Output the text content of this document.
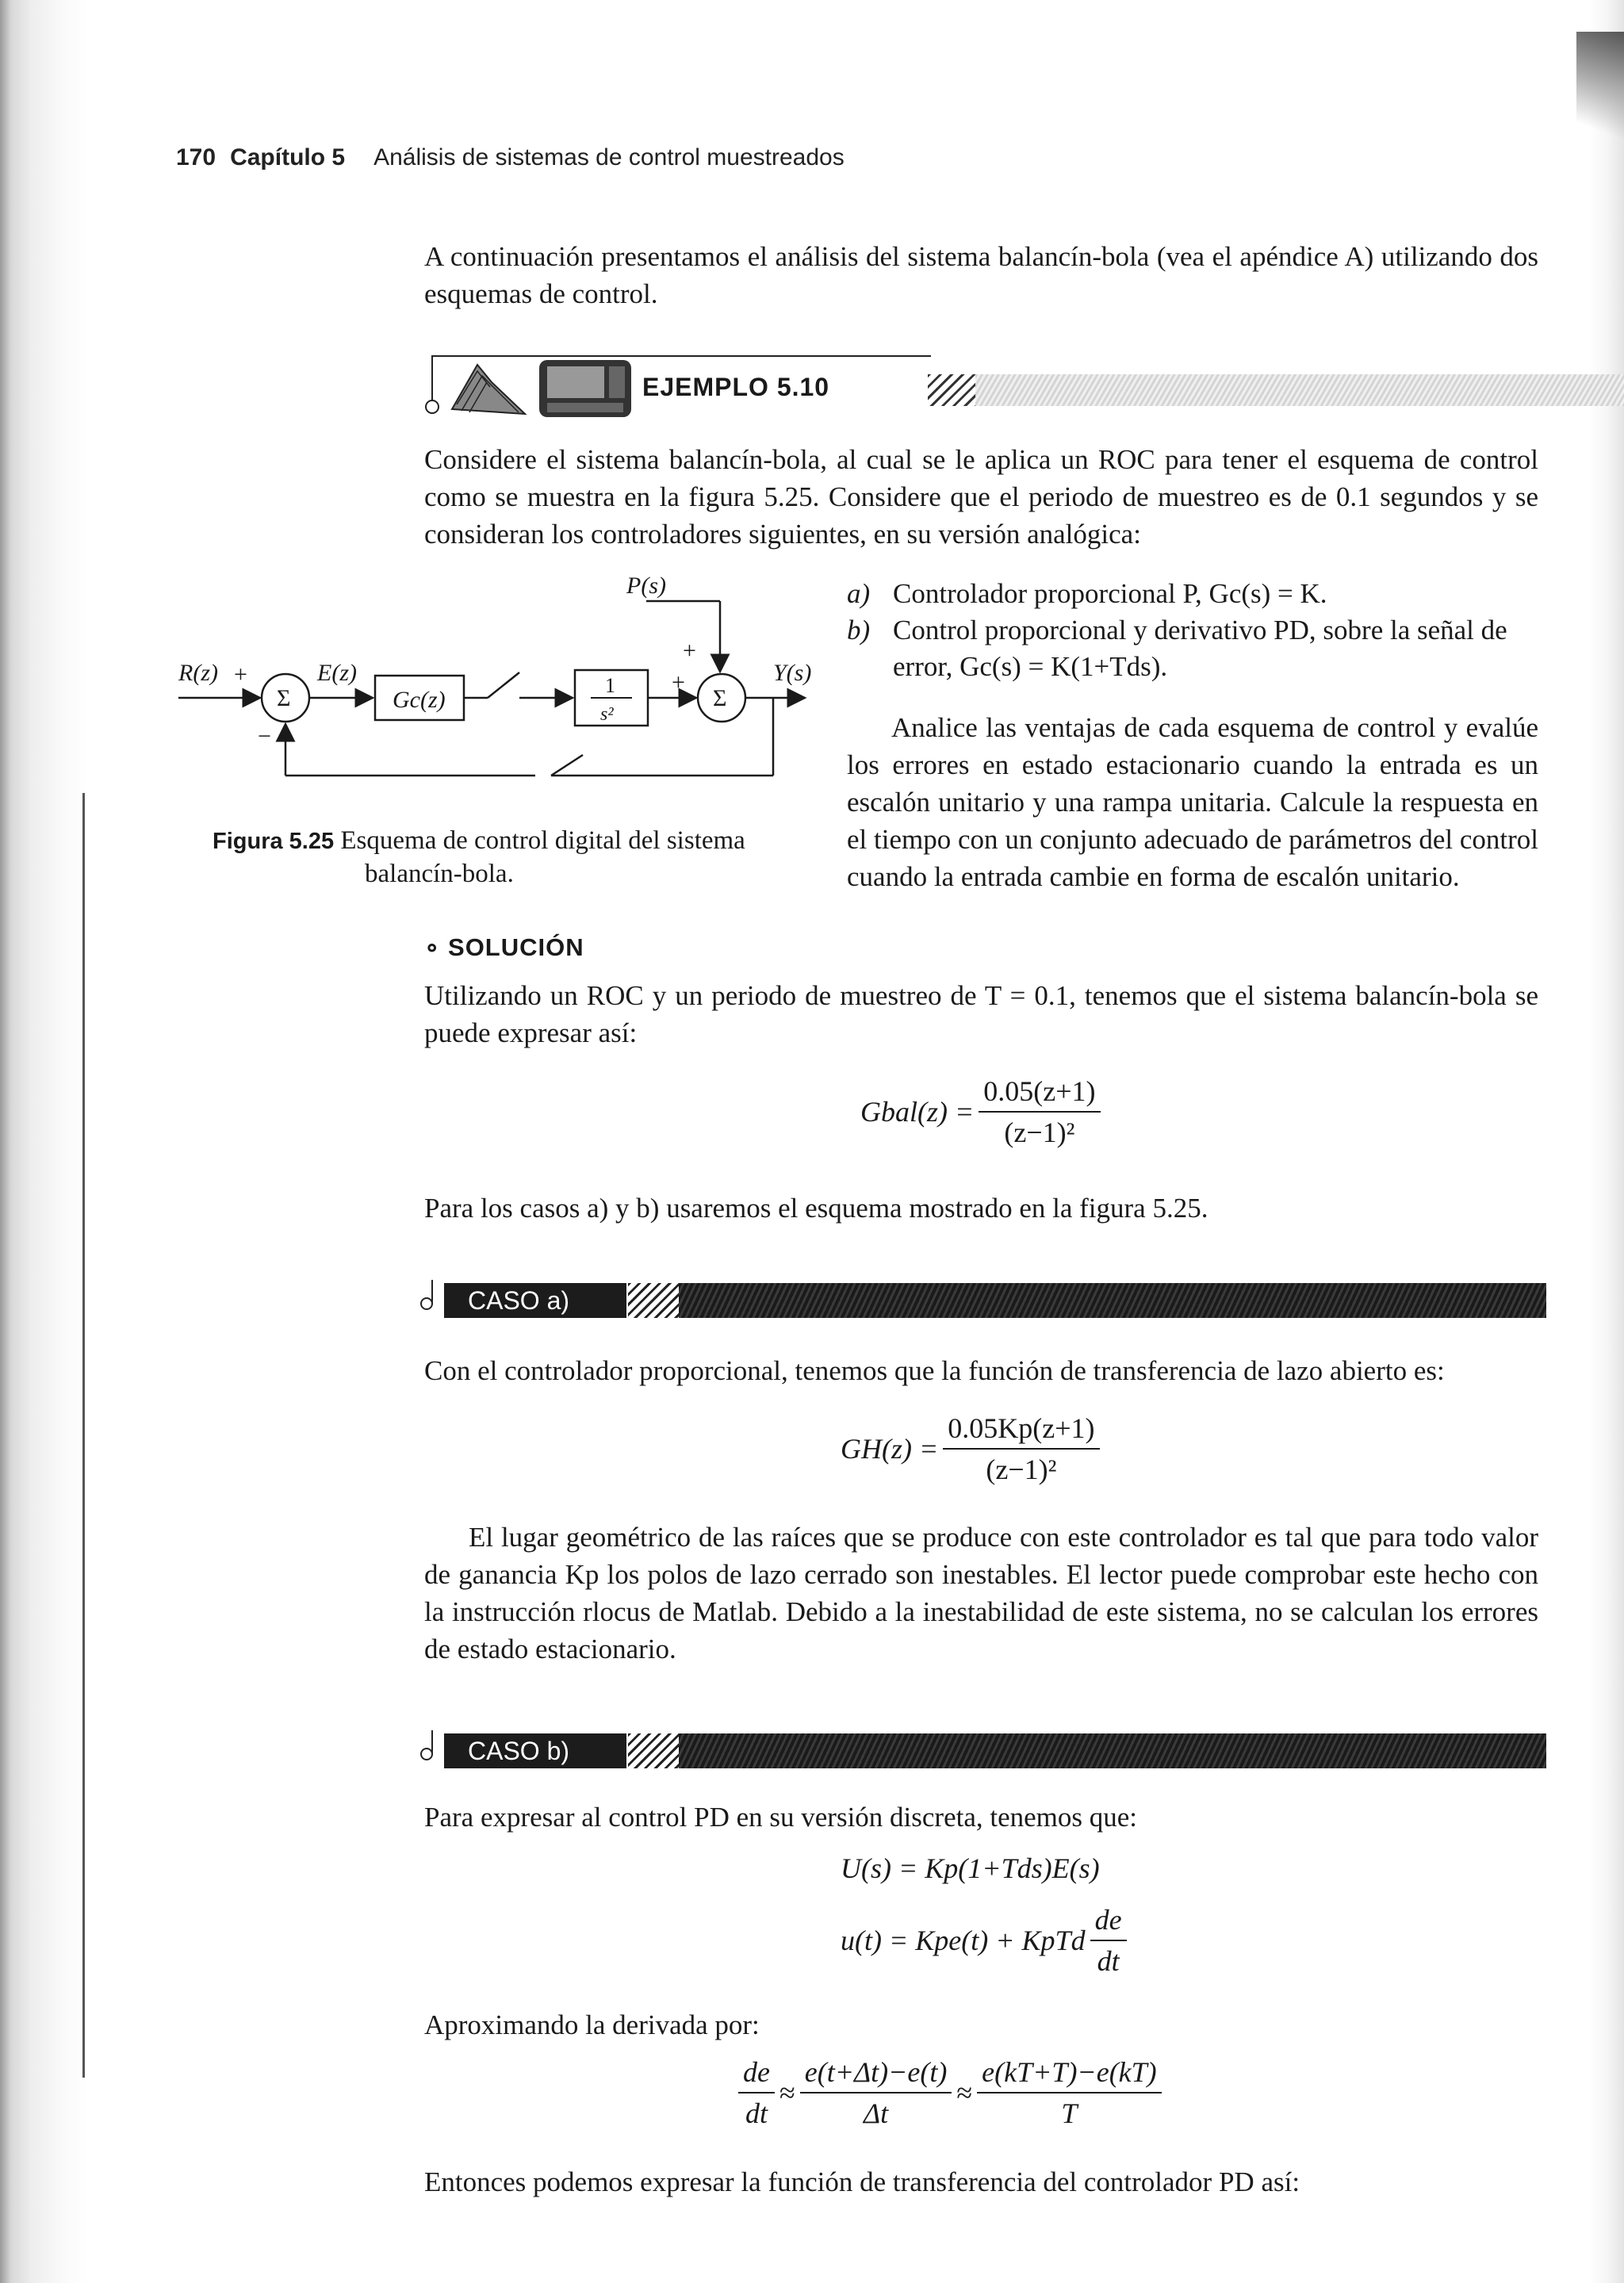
170 Capítulo 5 Análisis de sistemas de control muestreados
A continuación presentamos el análisis del sistema balancín-bola (vea el apéndice A) utilizando dos esquemas de control.
EJEMPLO 5.10
Considere el sistema balancín-bola, al cual se le aplica un ROC para tener el esquema de control como se muestra en la figura 5.25. Considere que el periodo de muestreo es de 0.1 segundos y se consideran los controladores siguientes, en su versión analógica:
R(z) +
−
E(z)
Σ	Gc(z)
1
s²
P(s)
+
+
Σ
Y(s)
Figura 5.25 Esquema de control digital del sistema
balancín-bola.
a) Controlador proporcional P, Gc(s) = K.
b) Control proporcional y derivativo PD, sobre la señal de error, Gc(s) = K(1+Tds).
Analice las ventajas de cada esquema de control y evalúe los errores en estado estacionario cuando la entrada es un escalón unitario y una rampa unitaria. Calcule la respuesta en el tiempo con un conjunto adecuado de parámetros del control cuando la entrada cambie en forma de escalón unitario.
∘ SOLUCIÓN
Utilizando un ROC y un periodo de muestreo de T = 0.1, tenemos que el sistema balancín-bola se puede expresar así:
Gbal(z) = $\frac{0.05(z+1)}{\text{(z−1)²}}$
Para los casos a) y b) usaremos el esquema mostrado en la figura 5.25.
CASO a)
Con el controlador proporcional, tenemos que la función de transferencia de lazo abierto es:
$GH(z) = \frac{0.05Kp(z+1)}{\text{(z−1)²}}$
El lugar geométrico de las raíces que se produce con este controlador es tal que para todo valor de ganancia Kp los polos de lazo cerrado son inestables. El lector puede comprobar este hecho con la instrucción rlocus de Matlab. Debido a la inestabilidad de este sistema, no se calculan los errores de estado estacionario.
CASO b)
Para expresar al control PD en su versión discreta, tenemos que:
U(s) = Kp(1+Tds)E(s)
u(t) = Kpe(t) + KpTd $\frac{de}{dt}$
Aproximando la derivada por:
$\frac{de}{dt} \approx \frac{e(t+\Delta t)-e(t)}{\Delta t} \approx \frac{e(kT+T)-e(kT)}{T}$
Entonces podemos expresar la función de transferencia del controlador PD así:
